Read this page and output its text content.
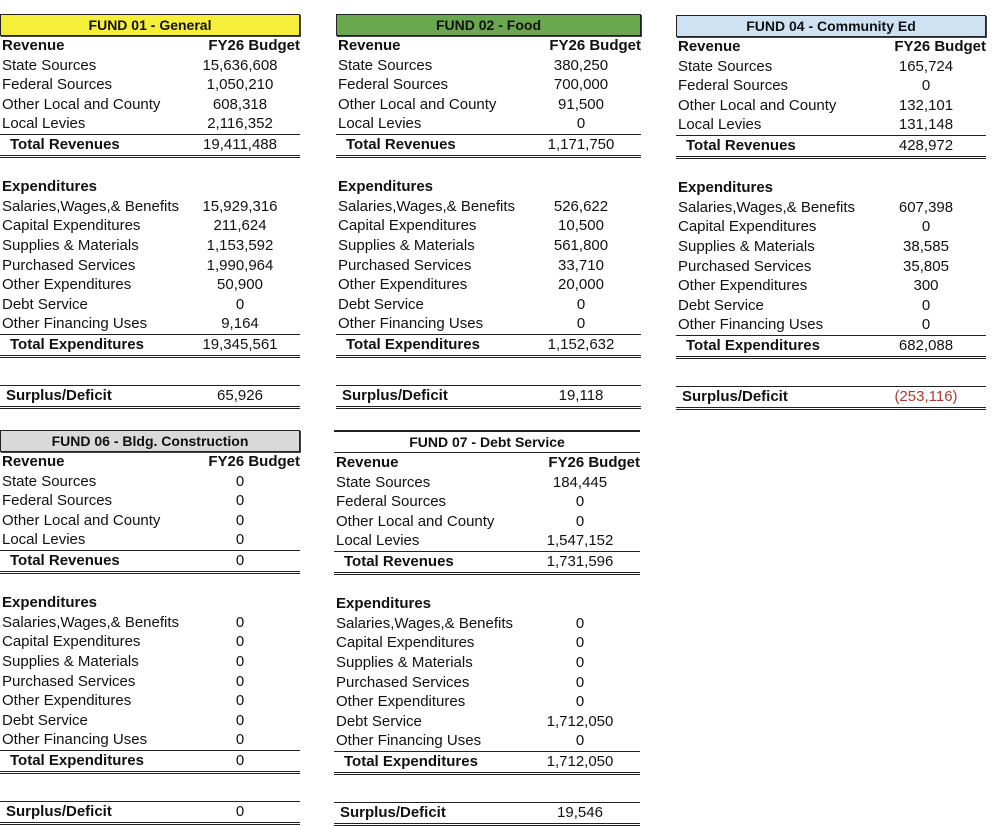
FUND 01 - General
Revenue	FY26 Budget
State Sources	15,636,608
Federal Sources	1,050,210
Other Local and County	608,318
Local Levies	2,116,352
Total Revenues	19,411,488
Expenditures
Salaries,Wages,& Benefits	15,929,316
Capital Expenditures	211,624
Supplies & Materials	1,153,592
Purchased Services	1,990,964
Other Expenditures	50,900
Debt Service	0
Other Financing Uses	9,164
Total Expenditures	19,345,561
Surplus/Deficit	65,926
FUND 02 - Food
Revenue	FY26 Budget
State Sources	380,250
Federal Sources	700,000
Other Local and County	91,500
Local Levies	0
Total Revenues	1,171,750
Expenditures
Salaries,Wages,& Benefits	526,622
Capital Expenditures	10,500
Supplies & Materials	561,800
Purchased Services	33,710
Other Expenditures	20,000
Debt Service	0
Other Financing Uses	0
Total Expenditures	1,152,632
Surplus/Deficit	19,118
FUND 04 - Community Ed
Revenue	FY26 Budget
State Sources	165,724
Federal Sources	0
Other Local and County	132,101
Local Levies	131,148
Total Revenues	428,972
Expenditures
Salaries,Wages,& Benefits	607,398
Capital Expenditures	0
Supplies & Materials	38,585
Purchased Services	35,805
Other Expenditures	300
Debt Service	0
Other Financing Uses	0
Total Expenditures	682,088
Surplus/Deficit	(253,116)
FUND 06 - Bldg. Construction
Revenue	FY26 Budget
State Sources	0
Federal Sources	0
Other Local and County	0
Local Levies	0
Total Revenues	0
Expenditures
Salaries,Wages,& Benefits	0
Capital Expenditures	0
Supplies & Materials	0
Purchased Services	0
Other Expenditures	0
Debt Service	0
Other Financing Uses	0
Total Expenditures	0
Surplus/Deficit	0
FUND 07 - Debt Service
Revenue	FY26 Budget
State Sources	184,445
Federal Sources	0
Other Local and County	0
Local Levies	1,547,152
Total Revenues	1,731,596
Expenditures
Salaries,Wages,& Benefits	0
Capital Expenditures	0
Supplies & Materials	0
Purchased Services	0
Other Expenditures	0
Debt Service	1,712,050
Other Financing Uses	0
Total Expenditures	1,712,050
Surplus/Deficit	19,546
